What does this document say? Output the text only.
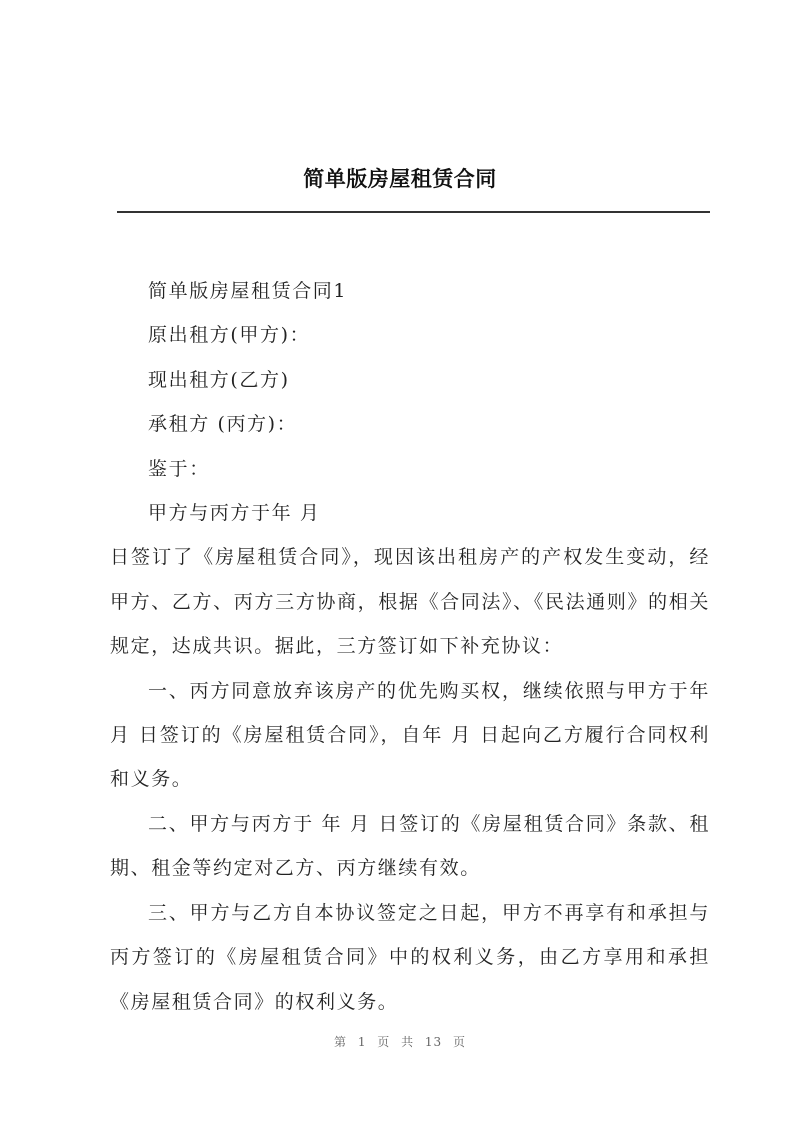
简单版房屋租赁合同

简单版房屋租赁合同1

原出租方(甲方)：

现出租方(乙方)

承租方 (丙方)：

鉴于：

甲方与丙方于年 月

日签订了《房屋租赁合同》，现因该出租房产的产权发生变动，经甲方、乙方、丙方三方协商，根据《合同法》、《民法通则》的相关规定，达成共识。据此，三方签订如下补充协议：

一、丙方同意放弃该房产的优先购买权，继续依照与甲方于年 月 日签订的《房屋租赁合同》，自年 月 日起向乙方履行合同权利和义务。

二、甲方与丙方于 年 月 日签订的《房屋租赁合同》条款、租期、租金等约定对乙方、丙方继续有效。

三、甲方与乙方自本协议签定之日起，甲方不再享有和承担与丙方签订的《房屋租赁合同》中的权利义务，由乙方享用和承担《房屋租赁合同》的权利义务。

第 1 页 共 13 页
